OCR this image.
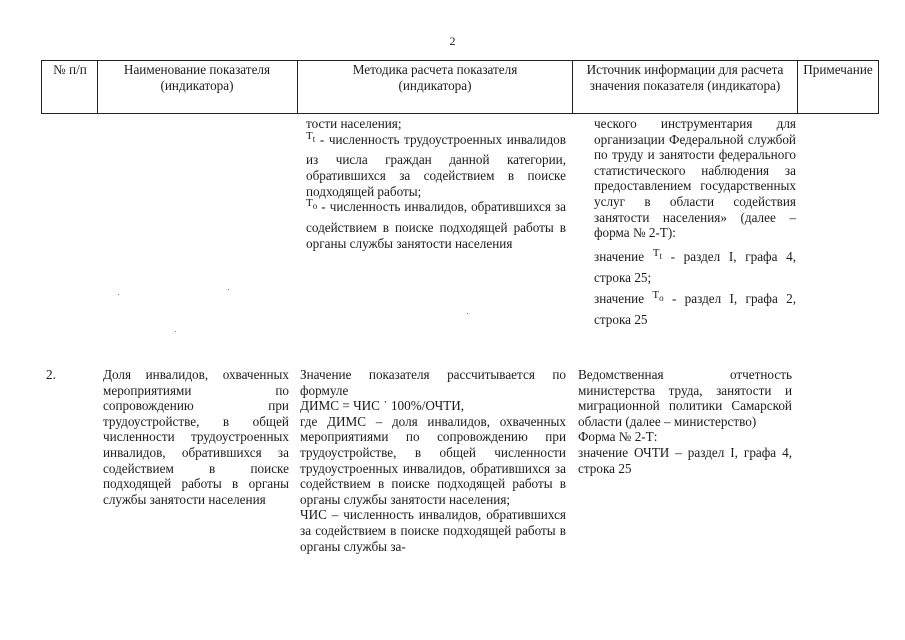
2
№ п/п	Наименование показателя (индикатора)
Методика расчета показателя (индикатора)
Источник информации для расчета значения показателя (индикатора)
Примечание
тости населения;
$T_t$ - численность трудоустроенных инвалидов из числа граждан данной категории, обратившихся за содействием в поиске подходящей работы;
$T_o$ - численность инвалидов, обратившихся за содействием в поиске подходящей работы в органы службы занятости населения
ческого инструментария для организации Федеральной службой по труду и занятости федерального статистического наблюдения за предоставлением государственных услуг в области содействия занятости населения» (далее – форма № 2-Т):
значение $T_t$ - раздел I, графа 4, строка 25;
значение $T_o$ - раздел I, графа 2, строка 25
2.	Доля инвалидов, охваченных мероприятиями по сопровождению при трудоустройстве, в общей численности трудоустроенных инвалидов, обратившихся за содействием в поиске подходящей работы в органы службы занятости населения
Значение показателя рассчитывается по формуле
ДИМС = ЧИС ˙ 100%/ОЧТИ,
где ДИМС – доля инвалидов, охваченных мероприятиями по сопровождению при трудоустройстве, в общей численности трудоустроенных инвалидов, обратившихся за содействием в поиске подходящей работы в органы службы занятости населения;
ЧИС – численность инвалидов, обратившихся за содействием в поиске подходящей работы в органы службы за-
Ведомственная отчетность министерства труда, занятости и миграционной политики Самарской области (далее – министерство)
Форма № 2-Т:
значение ОЧТИ – раздел I, графа 4, строка 25
